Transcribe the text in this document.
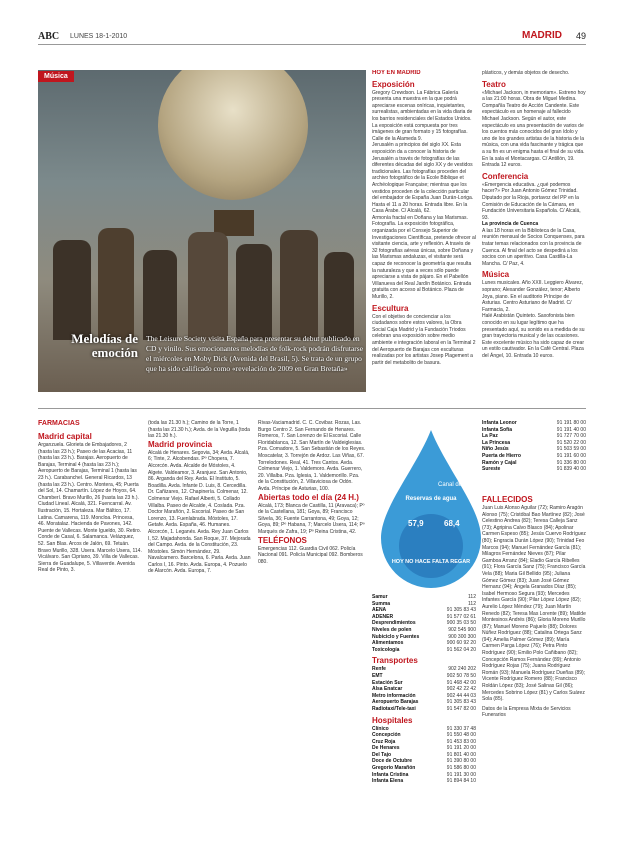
ABC LUNES 18-1-2010	MADRID 49
Música
Melodías de emoción
The Leisure Society visita España para presentar su debut publicado en CD y vinilo. Sus emocionantes melodías de folk-rock podrán disfrutarse el miércoles en Moby Dick (Avenida del Brasil, 5). Se trata de un grupo que ha sido calificado como «revelación de 2009 en Gran Bretaña»
HOY EN MADRID
Exposición
Gregory Crewdson. La Fábrica Galería presenta una muestra en la que podrá apreciarse escenas oníricas, inquietantes, surrealistas, ambientadas en la vida diaria de los barrios residenciales del Estados Unidos. La exposición está compuesta por tres imágenes de gran formato y 15 fotografías. Calle de la Alameda 9.
Jerusalén a principios del siglo XX. Esta exposición da a conocer la historia de Jerusalén a través de fotografías de las diferentes décadas del siglo XX y de vestidos tradicionales. Las fotografías proceden del archivo fotográfico de la Ecole Biblique et Archéologique Française; mientras que los vestidos proceden de la colección particular del embajador de España Juan Durán-Loriga. Hasta el 11 a 20 horas. Entrada libre. En la Casa Árabe. C/ Alcalá, 62.
Armonía fractal en Doñana y las Marismas. Fotografía. La exposición fotográfica, organizada por el Consejo Superior de Investigaciones Científicas, pretende ofrecer al visitante ciencia, arte y reflexión. A través de 32 fotografías aéreas únicas, sobre Doñana y las Marismas andaluzas, el visitante será capaz de reconocer la geometría que resulta la naturaleza y que a veces sólo puede apreciarse a vista de pájaro. En el Pabellón Villanueva del Real Jardín Botánico. Entrada gratuita con acceso al Botánico. Plaza de Murillo, 2.
Escultura
Con el objetivo de concienciar a los ciudadanos sobre estos valores, la Obra Social Caja Madrid y la Fundación Triodos celebran una exposición sobre medio ambiente e integración laboral en la Terminal 2 del Aeropuerto de Barajas con esculturas realizadas por los artistas Josep Plagement a partir del metabolito de basura.
plásticos, y demás objetos de desecho.
Teatro
«Michael Jackson, in memoriam». Estreno hoy a las 21:00 horas. Obra de Miguel Medina. Compañía Teatro de Acción Candente. Este espectáculo es un homenaje al fallecido Michael Jackson. Según el autor, este espectáculo es una presentación de varios de los cuentos más conocidos del gran ídolo y uno de los grandes artistas de la historia de la música, con una vida fascinante y trágica que a su fin es un enigma hasta el final de su vida. En la sala el Montacargas. C/ Antillón, 19. Entrada 12 euros.
Conferencia
«Emergencia educativa. ¿qué podemos hacer?» Por Juan Antonio Gómez Trinidad. Diputado por la Rioja, portavoz del PP en la Comisión de Educación de la Cámara, en Fundación Universitaria Española. C/ Alcalá, 93.
La provincia de Cuenca
A las 18 horas en la Biblioteca de la Casa, reunión mensual de Socios Conquenses, para tratar temas relacionados con la provincia de Cuenca. Al final del acto se despedirá a los socios con un aperitivo. Casa Castilla-La Mancha. C/ Paz, 4.
Música
Lunes musicales. Año XXII. Leggiero Álvarez, soprano; Alexander González, tenor; Alberto Joya, piano. En el auditorio Príncipe de Asturias. Centro Asturiano de Madrid. C/ Farmacia, 2.
Halé Arabistán Quinteto. Saxofonista bien conocido en su lugar legítimo que ha presentado aquí, su sonido es a medida de su gran trayectoria musical y de las ocasiones. Este excelente músico ha sido capaz de crear un estilo cautivador. En la Café Central. Plaza del Ángel, 10. Entrada 10 euros.
FARMACIAS
Madrid capital
Arganzuela. Glorieta de Embajadores, 2 (hasta las 23 h.); Paseo de las Acacias, 11 (hasta las 23 h.). Barajas. Aeropuerto de Barajas, Terminal 4 (hasta las 23 h.); Aeropuerto de Barajas, Terminal 1 (hasta las 23 h.). Carabanchel. General Ricardos, 13 (hasta las 23 h.). Centro. Montera, 45; Puerta del Sol, 14. Chamartín. López de Hoyos, 64. Chamberí. Bravo Murillo, 26 (hasta las 23 h.). Ciudad Lineal. Alcalá, 321. Fuencarral. Av. Ilustración, 15. Hortaleza. Mar Báltico, 17. Latina. Camarena, 119. Moncloa. Princesa, 46. Moratalaz. Hacienda de Pavones, 142. Puente de Vallecas. Monte Igueldo, 30. Retiro. Conde de Casal, 6. Salamanca. Velázquez, 52. San Blas. Arcos de Jalón, 69. Tetuán. Bravo Murillo, 328. Usera. Marcelo Usera, 114. Vicálvaro. San Cipriano, 39. Villa de Vallecas. Sierra de Guadalupe, 5. Villaverde. Avenida Real de Pinto, 3.
(toda las 21.30 h.); Camino de la Torre, 1 (hasta las 21.30 h.); Avda. de la Veguilla (toda las 21.30 h.).
Madrid provincia
Alcalá de Henares. Segovia, 34; Avda. Alcalá, 6; Tinte, 2. Alcobendas. Pº Chopera, 7. Alcorcón. Avda. Alcalde de Móstoles, 4. Algete. Valdeamor, 3. Aranjuez. San Antonio, 86. Arganda del Rey. Avda. El Instituto, 5. Boadilla. Avda. Infante D. Luis, 8. Cercedilla. Dr. Cañizares, 12. Chapinería. Colmenar, 12. Colmenar Viejo. Rafael Alberti, 5. Collado Villalba. Paseo de Alcalde, 4. Coslada. Pza. Doctor Marañón, 2. Escorial. Paseo de San Lorenzo, 13. Fuenlabrada. Móstoles, 17. Getafe. Avda. España, 46. Humanes. Alcorcón, 1. Leganés. Avda. Rey Juan Carlos I, 52. Majadahonda. San Roque, 37. Mejorada del Campo. Avda. de la Constitución, 23. Móstoles. Simón Hernández, 29. Navalcarnero. Barcelona, 6. Parla. Avda. Juan Carlos I, 16. Pinto. Avda. Europa, 4. Pozuelo de Alarcón. Avda. Europa, 7.
Rivas-Vaciamadrid. C. C. Covibar. Rozas, Las. Burgo Centro 2. San Fernando de Henares. Romeros, 7. San Lorenzo de El Escorial. Calle Floridablanca, 12. San Martín de Valdeiglesias. Pza. Comadore, 5. San Sebastián de los Reyes. Moscatelar, 3. Torrejón de Ardoz. Las Viñas, 67. Torrelodones. Real, 41. Tres Cantos. Avda. Colmenar Viejo, 1. Valdemoro. Avda. Guerrero, 20. Villalba. Pza. Iglesia, 1. Valdemorillo. Pza. de la Constitución, 2. Villaviciosa de Odón. Avda. Príncipe de Asturias, 100.
Abiertas todo el día (24 H.)
Alcalá, 173; Blanca de Castilla, 11 (Aravaca); Pº de la Castellana, 181; Goya, 89; Francisco Silvela, 36; Fuente Carrantona, 49; Goya, 12; Goya, 89; Pº Habana, 7; Marcelo Usera, 114; Pº Marqués de Zafra, 19; Pº Reina Cristina, 42.
TELÉFONOS
Emergencias 112. Guardia Civil 062. Policía Nacional 091. Policía Municipal 092. Bomberos 080.
Canal de Isabel II
Reservas de agua
57,9	68,4
HOY NO HACE FALTA REGAR
Samur	112
Summa	112
AENA	91 305 83 43
ADENER	91 577 02 61
Desprendimientos	900 35 03 50
Niveles de polen	902 545 900
Nubiciclo y Fuentes	900 300 300
Alimentamos	900 60 92 20
Toxicología	91 562 04 20
Transportes
Renfe	902 240 202
EMT	902 50 78 50
Estación Sur	91 468 42 00
Alsa Enatcar	902 42 22 42
Metro información	902 44 44 03
Aeropuerto Barajas	91 305 83 43
Radiotaxi/Tele-taxi	91 547 82 00
Hospitales
Clínico	91 330 37 48
Concepción	91 550 48 00
Cruz Roja	91 453 83 00
De Henares	91 191 20 00
Del Tajo	91 801 40 00
Doce de Octubre	91 390 80 00
Gregorio Marañón	91 586 80 00
Infanta Cristina	91 191 30 00
Infanta Elena	91 894 84 10
Infanta Leonor	91 191 80 00
Infanta Sofía	91 191 40 00
La Paz	91 727 70 00
La Princesa	91 520 22 00
Niño Jesús	91 503 59 00
Puerta de Hierro	91 191 60 00
Ramón y Cajal	91 336 80 00
Sureste	91 839 40 00
FALLECIDOS
Juan Luis Alonso Aguilar (72); Ramiro Aragón Alonso (75); Cristóbal Bao Martínez (82); José Celestino Andrea (82); Teresa Calleja Sanz (73); Agripina Calvo Blasco (84); Apolinar Carmen Espeso (85); Jesús Cuervo Rodríguez (80); Engracia Durán López (90); Trinidad Feo Marcos (94); Manuel Fernández García (81); Milagros Fernández Nieves (87); Pilar Gamboa Arranz (84); Eladio García Ribelles (91); Flora García Sanz (75); Francisco García Vela (88); Maria Gil Bellido (95); Juliana Gómez Gómez (83); Juan José Gómez Hernanz (94); Ángela Granados Díaz (85); Isabel Hermoso Segura (93); Mercedes Infantes García (90); Pilar López López (82); Aurelio López Méndez (79); Juan Martín Renedo (82); Teresa Mas Lorente (89); Matilde Montesinos Andrés (86); Gloria Moreno Murillo (87); Manuel Moreno Pajuelo (88); Dolores Núñez Rodríguez (88); Catalina Ortega Sanz (94); Amelia Palmer Gómez (89); María Carmen Parga López (76); Petra Pinto Rodríguez (90); Emilio Polo Cañibano (82); Concepción Ramos Fernández (89); Antonio Rodríguez Rojas (75); Juana Rodríguez Román (93); Manuela Rodríguez Dueñas (89); Vicente Rodríguez Romero (88); Francisco Roldán López (83); José Salinas Gil (86); Mercedes Sobrino López (81) y Carlos Suárez Sola (85).
Datos de la Empresa Mixta de Servicios Funerarios
